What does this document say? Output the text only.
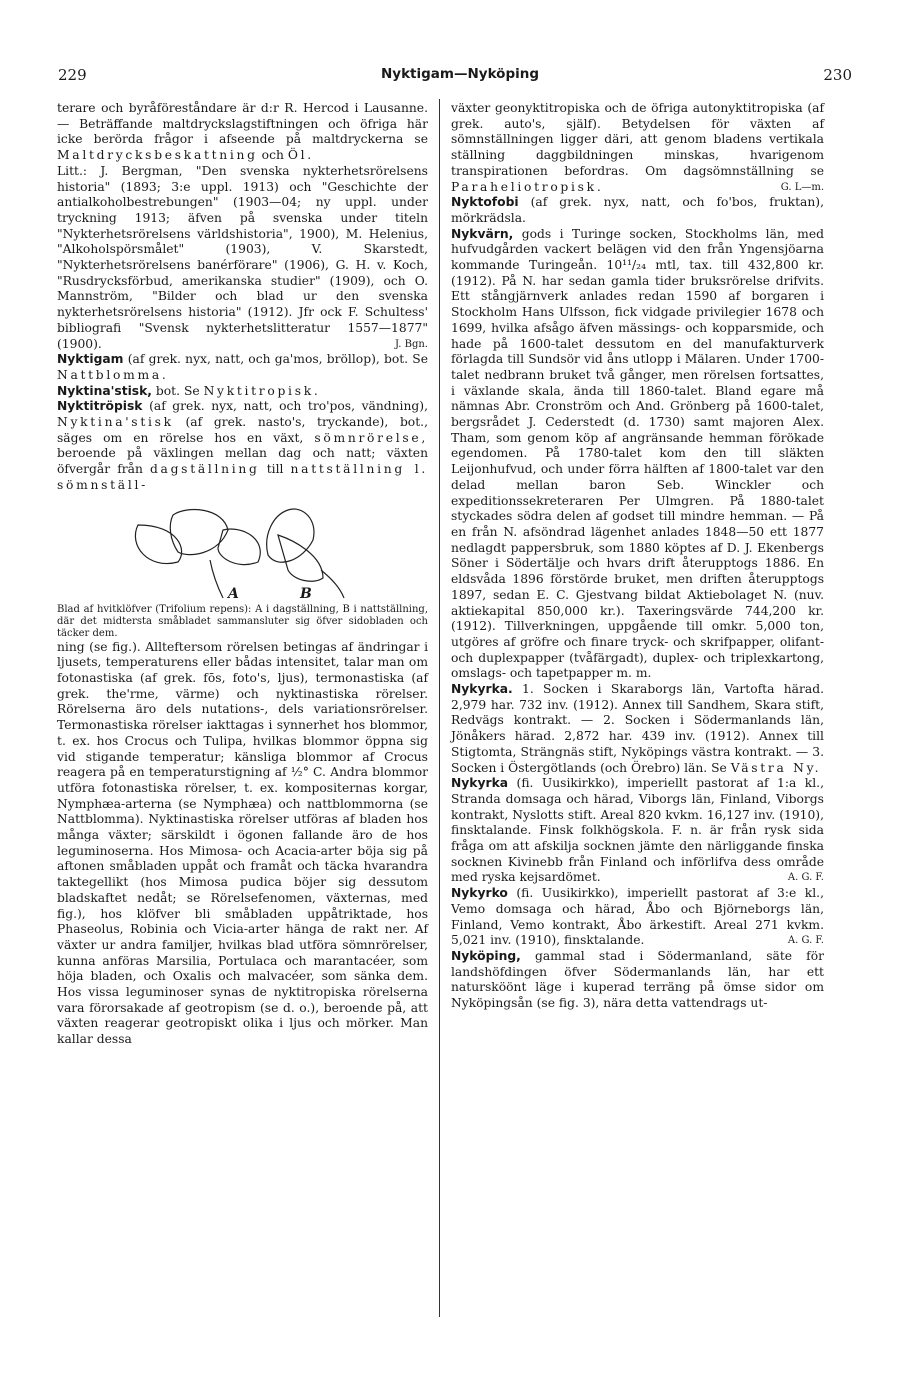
229	Nyktigam—Nyköping	230

terare och byråföreståndare är d:r R. Hercod i Lausanne. — Beträffande maltdryckslagstiftningen och öfriga här icke berörda frågor i afseende på maltdryckerna se Maltdrycksbeskattning och Öl.

Litt.: J. Bergman, "Den svenska nykterhetsrörelsens historia" (1893; 3:e uppl. 1913) och "Geschichte der antialkoholbestrebungen" (1903—04; ny uppl. under tryckning 1913; äfven på svenska under titeln "Nykterhetsrörelsens världshistoria", 1900), M. Helenius, "Alkoholspörsmålet" (1903), V. Skarstedt, "Nykterhetsrörelsens banérförare" (1906), G. H. v. Koch, "Rusdrycksförbud, amerikanska studier" (1909), och O. Mannström, "Bilder och blad ur den svenska nykterhetsrörelsens historia" (1912). Jfr ock F. Schultess' bibliografi "Svensk nykterhetslitteratur 1557—1877" (1900).	J. Bgn.

Nyktigam (af grek. nyx, natt, och ga'mos, bröllop), bot. Se Nattblomma.

Nyktina'stisk, bot. Se Nyktitropisk.

Nyktitröpisk (af grek. nyx, natt, och tro'pos, vändning), Nyktina'stisk (af grek. nasto's, tryckande), bot., säges om en rörelse hos en växt, sömnrörelse, beroende på växlingen mellan dag och natt; växten öfvergår från dagställning till nattställning l. sömnställ-

A	B

Blad af hvitklöfver (Trifolium repens): A i dagställning, B i nattställning, där det midtersta småbladet sammansluter sig öfver sidobladen och täcker dem.

ning (se fig.). Allteftersom rörelsen betingas af ändringar i ljusets, temperaturens eller bådas intensitet, talar man om fotonastiska (af grek. fōs, foto's, ljus), termonastiska (af grek. the'rme, värme) och nyktinastiska rörelser. Rörelserna äro dels nutations-, dels variationsrörelser. Termonastiska rörelser iakttagas i synnerhet hos blommor, t. ex. hos Crocus och Tulipa, hvilkas blommor öppna sig vid stigande temperatur; känsliga blommor af Crocus reagera på en temperaturstigning af ½° C. Andra blommor utföra fotonastiska rörelser, t. ex. kompositernas korgar, Nymphæa-arterna (se Nymphæa) och nattblommorna (se Nattblomma). Nyktinastiska rörelser utföras af bladen hos många växter; särskildt i ögonen fallande äro de hos leguminoserna. Hos Mimosa- och Acacia-arter böja sig på aftonen småbladen uppåt och framåt och täcka hvarandra taktegellikt (hos Mimosa pudica böjer sig dessutom bladskaftet nedåt; se Rörelsefenomen, växternas, med fig.), hos klöfver bli småbladen uppåtriktade, hos Phaseolus, Robinia och Vicia-arter hänga de rakt ner. Af växter ur andra familjer, hvilkas blad utföra sömnrörelser, kunna anföras Marsilia, Portulaca och marantacéer, som höja bladen, och Oxalis och malvacéer, som sänka dem. Hos vissa leguminoser synas de nyktitropiska rörelserna vara förorsakade af geotropism (se d. o.), beroende på, att växten reagerar geotropiskt olika i ljus och mörker. Man kallar dessa

växter geonyktitropiska och de öfriga autonyktitropiska (af grek. auto's, själf). Betydelsen för växten af sömnställningen ligger däri, att genom bladens vertikala ställning daggbildningen minskas, hvarigenom transpirationen befordras. Om dagsömnställning se Paraheliotropisk.	G. L—m.

Nyktofobi (af grek. nyx, natt, och fo'bos, fruktan), mörkrädsla.

Nykvärn, gods i Turinge socken, Stockholms län, med hufvudgården vackert belägen vid den från Yngensjöarna kommande Turingeån. 10¹¹/₂₄ mtl, tax. till 432,800 kr. (1912). På N. har sedan gamla tider bruksrörelse drifvits. Ett stångjärnverk anlades redan 1590 af borgaren i Stockholm Hans Ulfsson, fick vidgade privilegier 1678 och 1699, hvilka afsågo äfven mässings- och kopparsmide, och hade på 1600-talet dessutom en del manufakturverk förlagda till Sundsör vid åns utlopp i Mälaren. Under 1700-talet nedbrann bruket två gånger, men rörelsen fortsattes, i växlande skala, ända till 1860-talet. Bland egare må nämnas Abr. Cronström och And. Grönberg på 1600-talet, bergsrådet J. Cederstedt (d. 1730) samt majoren Alex. Tham, som genom köp af angränsande hemman förökade egendomen. På 1780-talet kom den till släkten Leijonhufvud, och under förra hälften af 1800-talet var den delad mellan baron Seb. Winckler och expeditionssekreteraren Per Ulmgren. På 1880-talet styckades södra delen af godset till mindre hemman. — På en från N. afsöndrad lägenhet anlades 1848—50 ett 1877 nedlagdt pappersbruk, som 1880 köptes af D. J. Ekenbergs Söner i Södertälje och hvars drift återupptogs 1886. En eldsvåda 1896 förstörde bruket, men driften återupptogs 1897, sedan E. C. Gjestvang bildat Aktiebolaget N. (nuv. aktiekapital 850,000 kr.). Taxeringsvärde 744,200 kr. (1912). Tillverkningen, uppgående till omkr. 5,000 ton, utgöres af gröfre och finare tryck- och skrifpapper, olifant- och duplexpapper (tvåfärgadt), duplex- och triplexkartong, omslags- och tapetpapper m. m.

Nykyrka. 1. Socken i Skaraborgs län, Vartofta härad. 2,979 har. 732 inv. (1912). Annex till Sandhem, Skara stift, Redvägs kontrakt. — 2. Socken i Södermanlands län, Jönåkers härad. 2,872 har. 439 inv. (1912). Annex till Stigtomta, Strängnäs stift, Nyköpings västra kontrakt. — 3. Socken i Östergötlands (och Örebro) län. Se Västra Ny.

Nykyrka (fi. Uusikirkko), imperiellt pastorat af 1:a kl., Stranda domsaga och härad, Viborgs län, Finland, Viborgs kontrakt, Nyslotts stift. Areal 820 kvkm. 16,127 inv. (1910), finsktalande. Finsk folkhögskola. F. n. är från rysk sida fråga om att afskilja socknen jämte den närliggande finska socknen Kivinebb från Finland och införlifva dess område med ryska kejsardömet.	A. G. F.

Nykyrko (fi. Uusikirkko), imperiellt pastorat af 3:e kl., Vemo domsaga och härad, Åbo och Björneborgs län, Finland, Vemo kontrakt, Åbo ärkestift. Areal 271 kvkm. 5,021 inv. (1910), finsktalande.	A. G. F.

Nyköping, gammal stad i Södermanland, säte för landshöfdingen öfver Södermanlands län, har ett natursköönt läge i kuperad terräng på ömse sidor om Nyköpingsån (se fig. 3), nära detta vattendrags ut-
